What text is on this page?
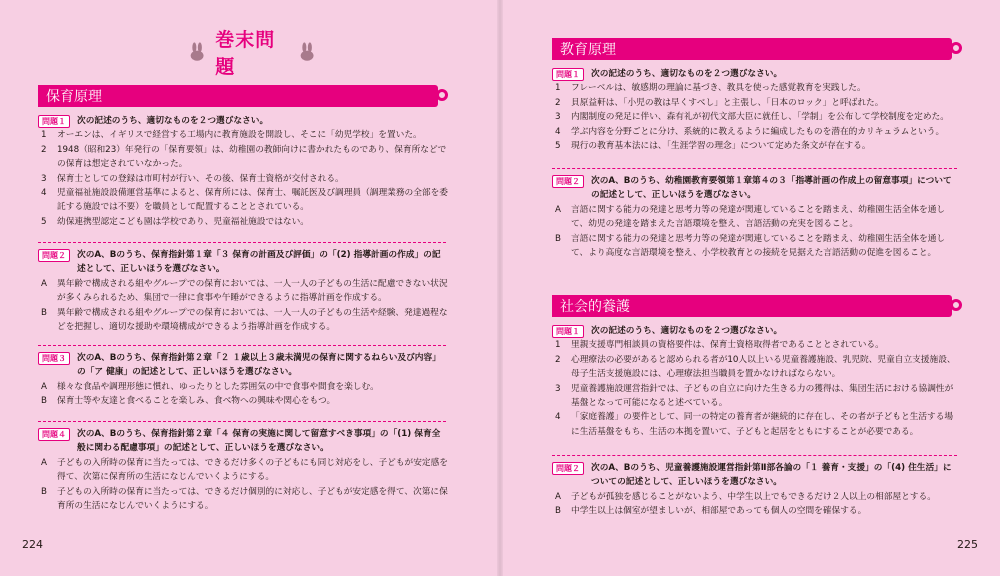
巻末問題
保育原理
問題１	次の記述のうち、適切なものを２つ選びなさい。
1	オーエンは、イギリスで経営する工場内に教育施設を開設し、そこに「幼児学校」を置いた。
2	1948（昭和23）年発行の「保育要領」は、幼稚園の教師向けに書かれたものであり、保育所などでの保育は想定されていなかった。
3	保育士としての登録は市町村が行い、その後、保育士資格が交付される。
4	児童福祉施設設備運営基準によると、保育所には、保育士、嘱託医及び調理員（調理業務の全部を委託する施設では不要）を職員として配置することとされている。
5	幼保連携型認定こども園は学校であり、児童福祉施設ではない。
問題２	次のA、Bのうち、保育指針第１章「３ 保育の計画及び評価」の「(2) 指導計画の作成」の記述として、正しいほうを選びなさい。
A	異年齢で構成される組やグループでの保育においては、一人一人の子どもの生活に配慮できない状況が多くみられるため、集団で一律に食事や午睡ができるように指導計画を作成する。
B	異年齢で構成される組やグループでの保育においては、一人一人の子どもの生活や経験、発達過程などを把握し、適切な援助や環境構成ができるよう指導計画を作成する。
問題３	次のA、Bのうち、保育指針第２章「２ １歳以上３歳未満児の保育に関するねらい及び内容」の「ア 健康」の記述として、正しいほうを選びなさい。
A	様々な食品や調理形態に慣れ、ゆったりとした雰囲気の中で食事や間食を楽しむ。
B	保育士等や友達と食べることを楽しみ、食べ物への興味や関心をもつ。
問題４	次のA、Bのうち、保育指針第２章「４ 保育の実施に関して留意すべき事項」の「(1) 保育全般に関わる配慮事項」の記述として、正しいほうを選びなさい。
A	子どもの入所時の保育に当たっては、できるだけ多くの子どもにも同じ対応をし、子どもが安定感を得て、次第に保育所の生活になじんでいくようにする。
B	子どもの入所時の保育に当たっては、できるだけ個別的に対応し、子どもが安定感を得て、次第に保育所の生活になじんでいくようにする。
教育原理
問題１	次の記述のうち、適切なものを２つ選びなさい。
1	フレーベルは、敏感期の理論に基づき、教具を使った感覚教育を実践した。
2	貝原益軒は、「小児の教は早くすべし」と主張し、「日本のロック」と呼ばれた。
3	内閣制度の発足に伴い、森有礼が初代文部大臣に就任し、「学制」を公布して学校制度を定めた。
4	学ぶ内容を分野ごとに分け、系統的に教えるように編成したものを潜在的カリキュラムという。
5	現行の教育基本法には、「生涯学習の理念」について定めた条文が存在する。
問題２	次のA、Bのうち、幼稚園教育要領第１章第４の３「指導計画の作成上の留意事項」についての記述として、正しいほうを選びなさい。
A	言語に関する能力の発達と思考力等の発達が関連していることを踏まえ、幼稚園生活全体を通して、幼児の発達を踏まえた言語環境を整え、言語活動の充実を図ること。
B	言語に関する能力の発達と思考力等の発達が関連していることを踏まえ、幼稚園生活全体を通して、より高度な言語環境を整え、小学校教育との接続を見据えた言語活動の促進を図ること。
社会的養護
問題１	次の記述のうち、適切なものを２つ選びなさい。
1	里親支援専門相談員の資格要件は、保育士資格取得者であることとされている。
2	心理療法の必要があると認められる者が10人以上いる児童養護施設、乳児院、児童自立支援施設、母子生活支援施設には、心理療法担当職員を置かなければならない。
3	児童養護施設運営指針では、子どもの自立に向けた生きる力の獲得は、集団生活における協調性が基盤となって可能になると述べている。
4	「家庭養護」の要件として、同一の特定の養育者が継続的に存在し、その者が子どもと生活する場に生活基盤をもち、生活の本拠を置いて、子どもと起居をともにすることが必要である。
問題２	次のA、Bのうち、児童養護施設運営指針第Ⅱ部各論の「１ 養育・支援」の「(4) 住生活」についての記述として、正しいほうを選びなさい。
A	子どもが孤独を感じることがないよう、中学生以上でもできるだけ２人以上の相部屋とする。
B	中学生以上は個室が望ましいが、相部屋であっても個人の空間を確保する。
224	225
